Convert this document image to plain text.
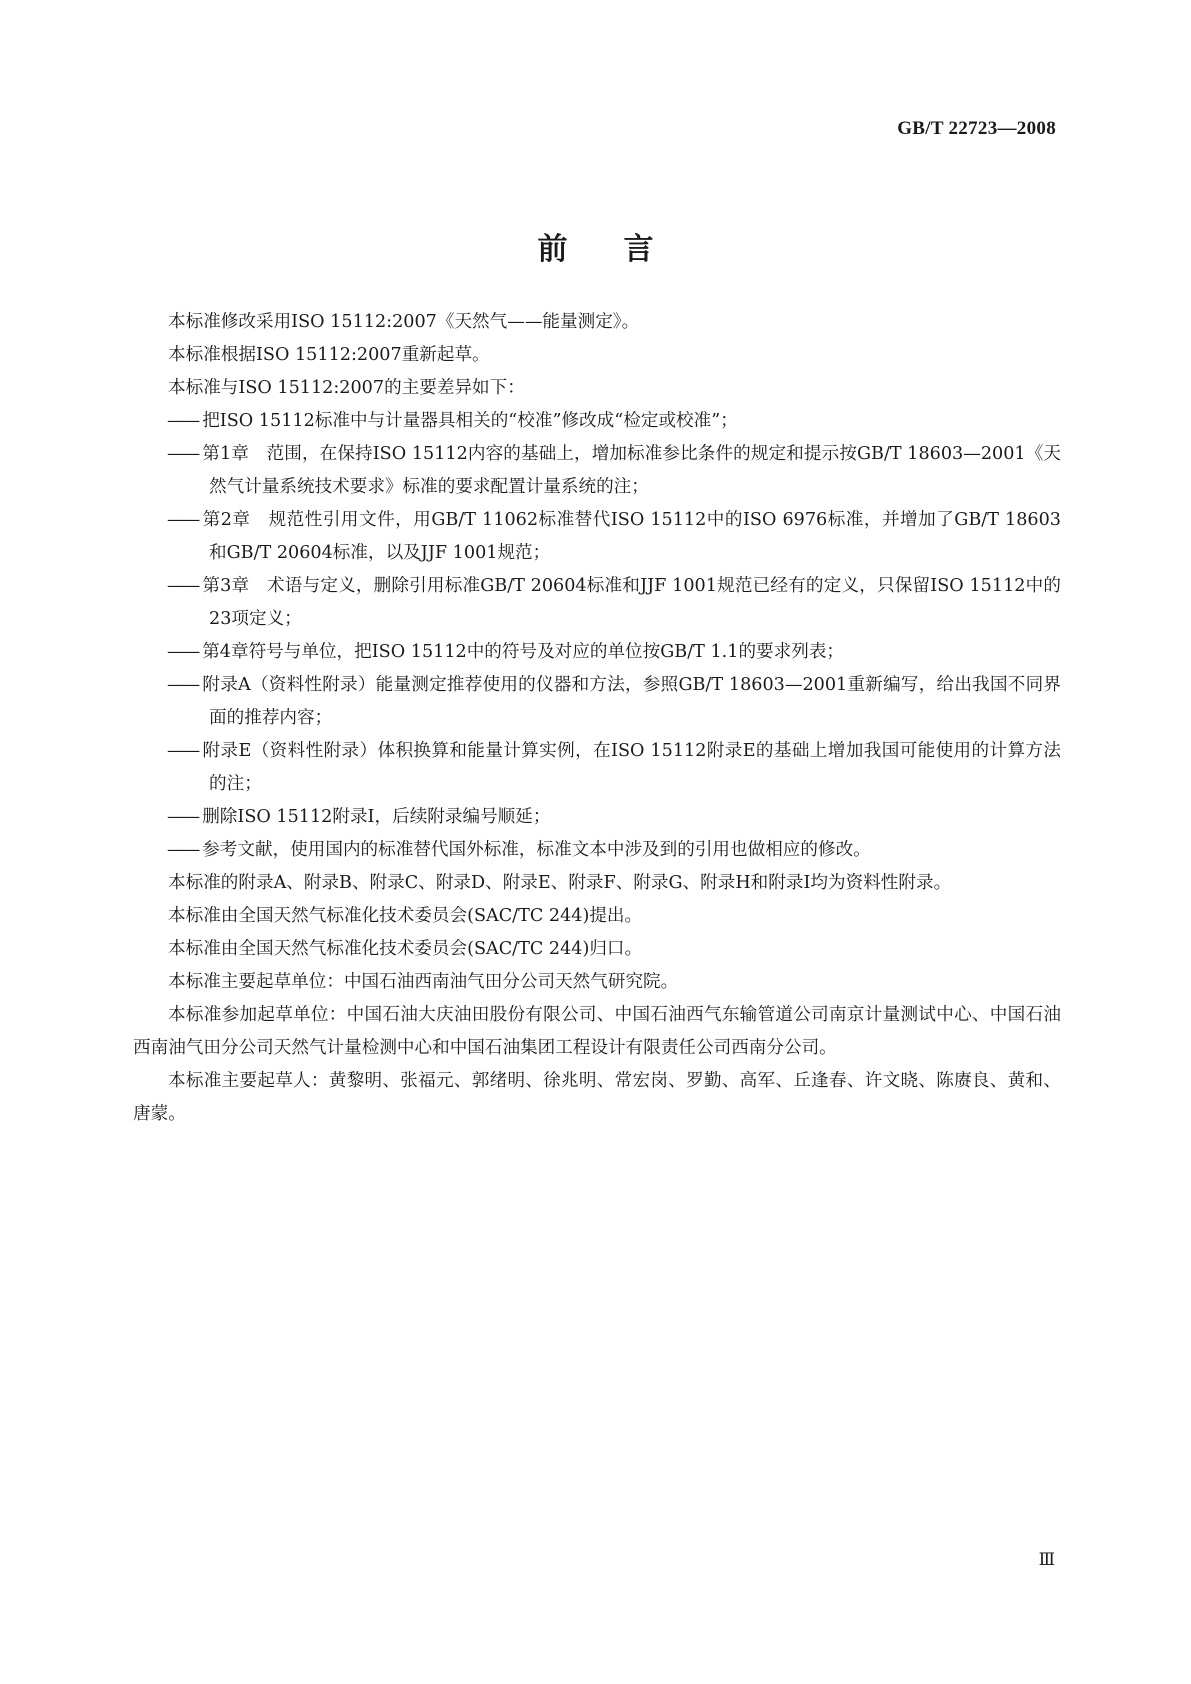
GB/T 22723—2008
前言

本标准修改采用ISO 15112:2007《天然气——能量测定》。

本标准根据ISO 15112:2007重新起草。

本标准与ISO 15112:2007的主要差异如下：

—— 把ISO 15112标准中与计量器具相关的“校准”修改成“检定或校准”；

—— 第1章　范围，在保持ISO 15112内容的基础上，增加标准参比条件的规定和提示按GB/T 18603—2001《天然气计量系统技术要求》标准的要求配置计量系统的注；

—— 第2章　规范性引用文件，用GB/T 11062标准替代ISO 15112中的ISO 6976标准，并增加了GB/T 18603和GB/T 20604标准，以及JJF 1001规范；

—— 第3章　术语与定义，删除引用标准GB/T 20604标准和JJF 1001规范已经有的定义，只保留ISO 15112中的23项定义；

—— 第4章符号与单位，把ISO 15112中的符号及对应的单位按GB/T 1.1的要求列表；

—— 附录A（资料性附录）能量测定推荐使用的仪器和方法，参照GB/T 18603—2001重新编写，给出我国不同界面的推荐内容；

—— 附录E（资料性附录）体积换算和能量计算实例，在ISO 15112附录E的基础上增加我国可能使用的计算方法的注；

—— 删除ISO 15112附录I，后续附录编号顺延；

—— 参考文献，使用国内的标准替代国外标准，标准文本中涉及到的引用也做相应的修改。

本标准的附录A、附录B、附录C、附录D、附录E、附录F、附录G、附录H和附录I均为资料性附录。

本标准由全国天然气标准化技术委员会(SAC/TC 244)提出。

本标准由全国天然气标准化技术委员会(SAC/TC 244)归口。

本标准主要起草单位：中国石油西南油气田分公司天然气研究院。

本标准参加起草单位：中国石油大庆油田股份有限公司、中国石油西气东输管道公司南京计量测试中心、中国石油西南油气田分公司天然气计量检测中心和中国石油集团工程设计有限责任公司西南分公司。

本标准主要起草人：黄黎明、张福元、郭绪明、徐兆明、常宏岗、罗勤、高军、丘逢春、许文晓、陈赓良、黄和、唐蒙。

Ⅲ
